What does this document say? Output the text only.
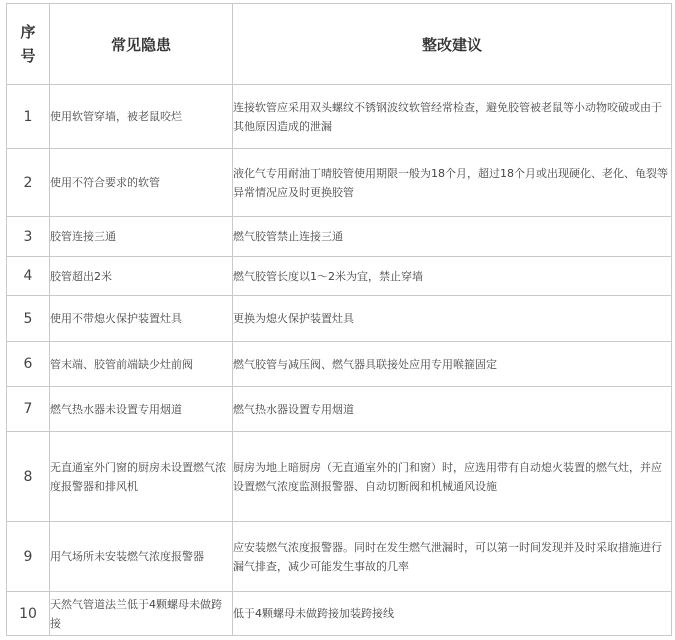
序
号	常见隐患	整改建议
1	使用软管穿墙，被老鼠咬烂	连接软管应采用双头螺纹不锈钢波纹软管经常检查，避免胶管被老鼠等小动物咬破或由于其他原因造成的泄漏
2	使用不符合要求的软管	液化气专用耐油丁晴胶管使用期限一般为18个月，超过18个月或出现硬化、老化、龟裂等异常情况应及时更换胶管
3	胶管连接三通	燃气胶管禁止连接三通
4	胶管超出2米	燃气胶管长度以1～2米为宜，禁止穿墙
5	使用不带熄火保护装置灶具	更换为熄火保护装置灶具
6	管末端、胶管前端缺少灶前阀	燃气胶管与减压阀、燃气器具联接处应用专用喉箍固定
7	燃气热水器未设置专用烟道	燃气热水器设置专用烟道
8	无直通室外门窗的厨房未设置燃气浓度报警器和排风机	厨房为地上暗厨房（无直通室外的门和窗）时，应选用带有自动熄火装置的燃气灶，并应设置燃气浓度监测报警器、自动切断阀和机械通风设施
9	用气场所未安装燃气浓度报警器	应安装燃气浓度报警器。同时在发生燃气泄漏时，可以第一时间发现并及时采取措施进行漏气排查，减少可能发生事故的几率
10	天然气管道法兰低于4颗螺母未做跨接	低于4颗螺母未做跨接加装跨接线
